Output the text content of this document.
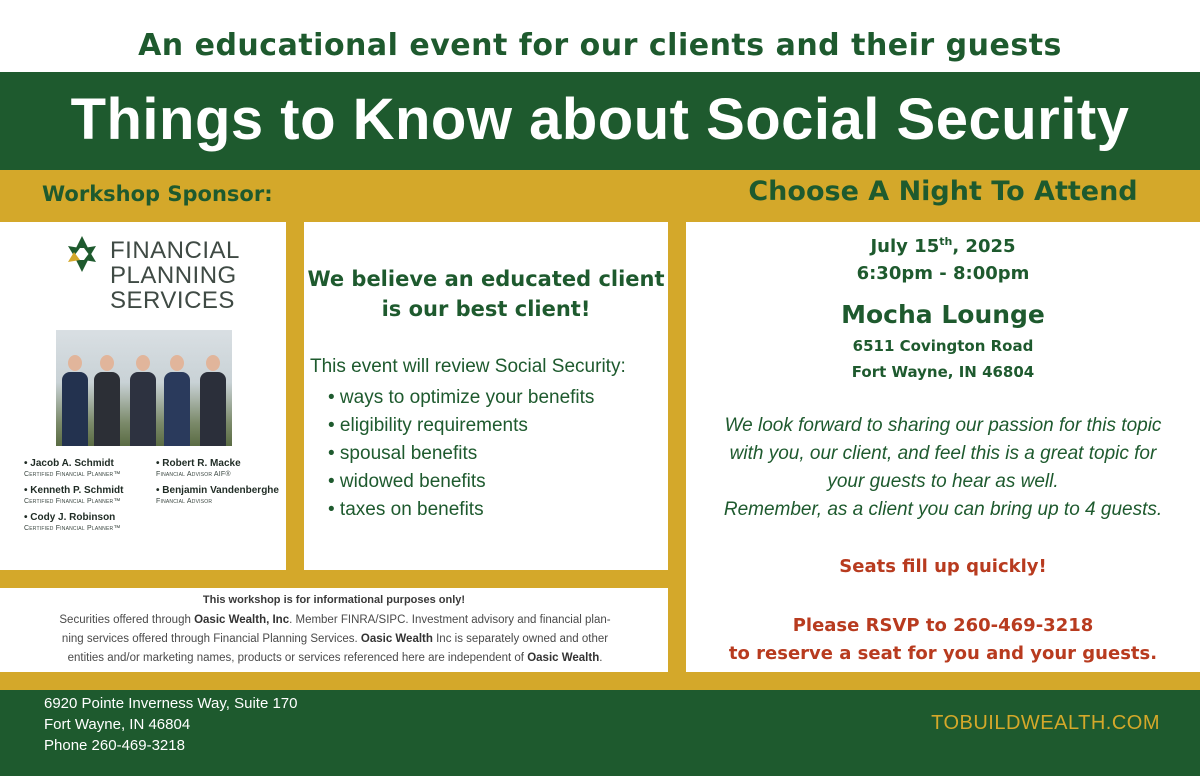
An educational event for our clients and their guests
Things to Know about Social Security
Workshop Sponsor:	Choose A Night To Attend
FINANCIAL
PLANNING
SERVICES
• Jacob A. Schmidt
Certified Financial Planner™
• Kenneth P. Schmidt
Certified Financial Planner™
• Cody J. Robinson
Certified Financial Planner™
• Robert R. Macke
Financial Advisor AIF®
• Benjamin Vandenberghe
Financial Advisor
We believe an educated client
is our best client!
This event will review Social Security:
• ways to optimize your benefits
• eligibility requirements
• spousal benefits
• widowed benefits
• taxes on benefits
July 15th, 2025
6:30pm - 8:00pm
Mocha Lounge
6511 Covington Road
Fort Wayne, IN 46804
We look forward to sharing our passion for this topic
with you, our client, and feel this is a great topic for
your guests to hear as well.
Remember, as a client you can bring up to 4 guests.
Seats fill up quickly!
Please RSVP to 260-469-3218
to reserve a seat for you and your guests.
This workshop is for informational purposes only!
Securities offered through Oasic Wealth, Inc. Member FINRA/SIPC. Investment advisory and financial plan-
ning services offered through Financial Planning Services. Oasic Wealth Inc is separately owned and other
entities and/or marketing names, products or services referenced here are independent of Oasic Wealth.
6920 Pointe Inverness Way, Suite 170
Fort Wayne, IN 46804
Phone 260-469-3218
TOBUILDWEALTH.COM
